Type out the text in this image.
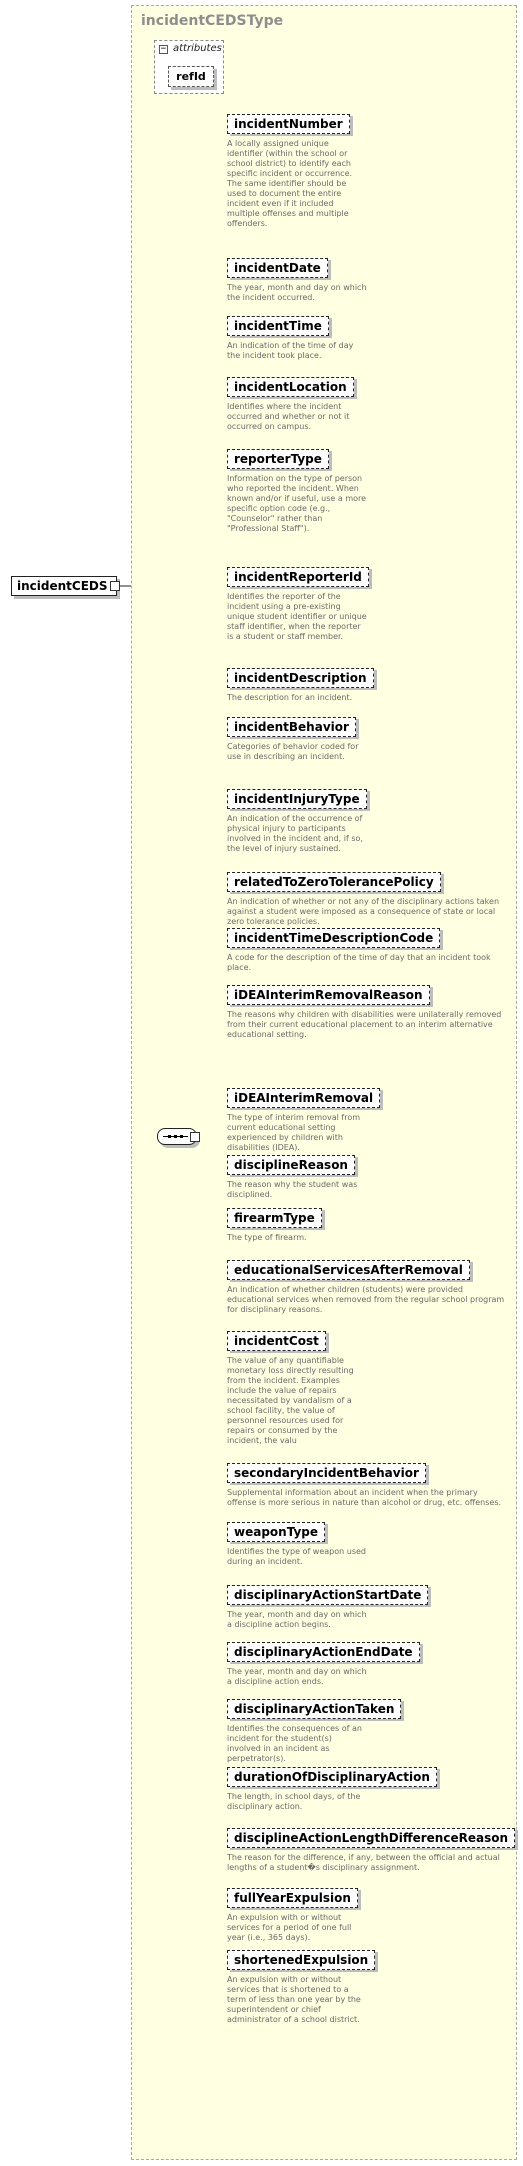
incidentCEDSType
− attributes
refId
incidentCEDS
incidentNumber

A locally assigned unique identifier (within the school or school district) to identify each specific incident or occurrence. The same identifier should be used to document the entire incident even if it included multiple offenses and multiple offenders.

incidentDate

The year, month and day on which the incident occurred.

incidentTime

An indication of the time of day the incident took place.

incidentLocation

Identifies where the incident occurred and whether or not it occurred on campus.

reporterType

Information on the type of person who reported the incident. When known and/or if useful, use a more specific option code (e.g., "Counselor" rather than "Professional Staff").

incidentReporterId

Identifies the reporter of the incident using a pre-existing unique student identifier or unique staff identifier, when the reporter is a student or staff member.

incidentDescription

The description for an incident.

incidentBehavior

Categories of behavior coded for use in describing an incident.

incidentInjuryType

An indication of the occurrence of physical injury to participants involved in the incident and, if so, the level of injury sustained.

relatedToZeroTolerancePolicy

An indication of whether or not any of the disciplinary actions taken against a student were imposed as a consequence of state or local zero tolerance policies.

incidentTimeDescriptionCode

A code for the description of the time of day that an incident took place.

iDEAInterimRemovalReason

The reasons why children with disabilities were unilaterally removed from their current educational placement to an interim alternative educational setting.

iDEAInterimRemoval

The type of interim removal from current educational setting experienced by children with disabilities (IDEA).

disciplineReason

The reason why the student was disciplined.

firearmType

The type of firearm.

educationalServicesAfterRemoval

An indication of whether children (students) were provided educational services when removed from the regular school program for disciplinary reasons.

incidentCost

The value of any quantifiable monetary loss directly resulting from the incident. Examples include the value of repairs necessitated by vandalism of a school facility, the value of personnel resources used for repairs or consumed by the incident, the valu

secondaryIncidentBehavior

Supplemental information about an incident when the primary offense is more serious in nature than alcohol or drug, etc. offenses.

weaponType

Identifies the type of weapon used during an incident.

disciplinaryActionStartDate

The year, month and day on which a discipline action begins.

disciplinaryActionEndDate

The year, month and day on which a discipline action ends.

disciplinaryActionTaken

Identifies the consequences of an incident for the student(s) involved in an incident as perpetrator(s).

durationOfDisciplinaryAction

The length, in school days, of the disciplinary action.

disciplineActionLengthDifferenceReason

The reason for the difference, if any, between the official and actual lengths of a student�s disciplinary assignment.

fullYearExpulsion

An expulsion with or without services for a period of one full year (i.e., 365 days).

shortenedExpulsion

An expulsion with or without services that is shortened to a term of less than one year by the superintendent or chief administrator of a school district.
